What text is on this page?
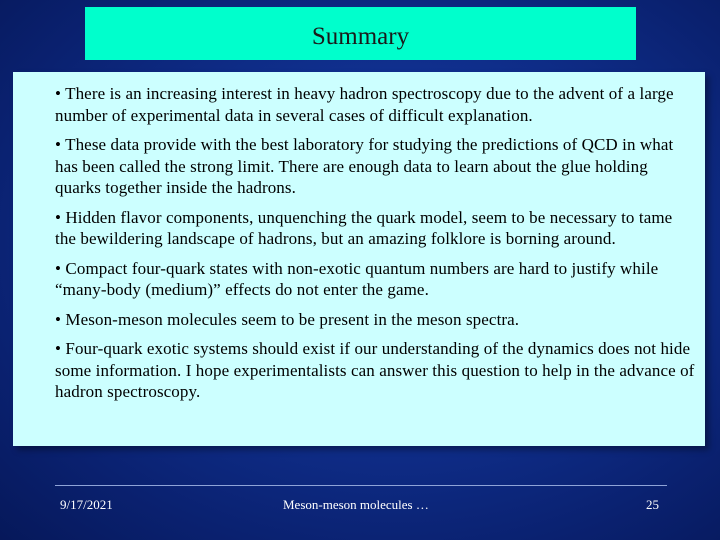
Summary

• There is an increasing interest in heavy hadron spectroscopy due to the advent of a large number of experimental data in several cases of difficult explanation.

• These data provide with the best laboratory for studying the predictions of QCD in what has been called the strong limit. There are enough data to learn about the glue holding quarks together inside the hadrons.

• Hidden flavor components, unquenching the quark model, seem to be necessary to tame the bewildering landscape of hadrons, but an amazing folklore is borning around.

• Compact four-quark states with non-exotic quantum numbers are hard to justify while “many-body (medium)” effects do not enter the game.

• Meson-meson molecules seem to be present in the meson spectra.

• Four-quark exotic systems should exist if our understanding of the dynamics does not hide some information. I hope experimentalists can answer this question to help in the advance of hadron spectroscopy.

9/17/2021	Meson-meson molecules …	25
